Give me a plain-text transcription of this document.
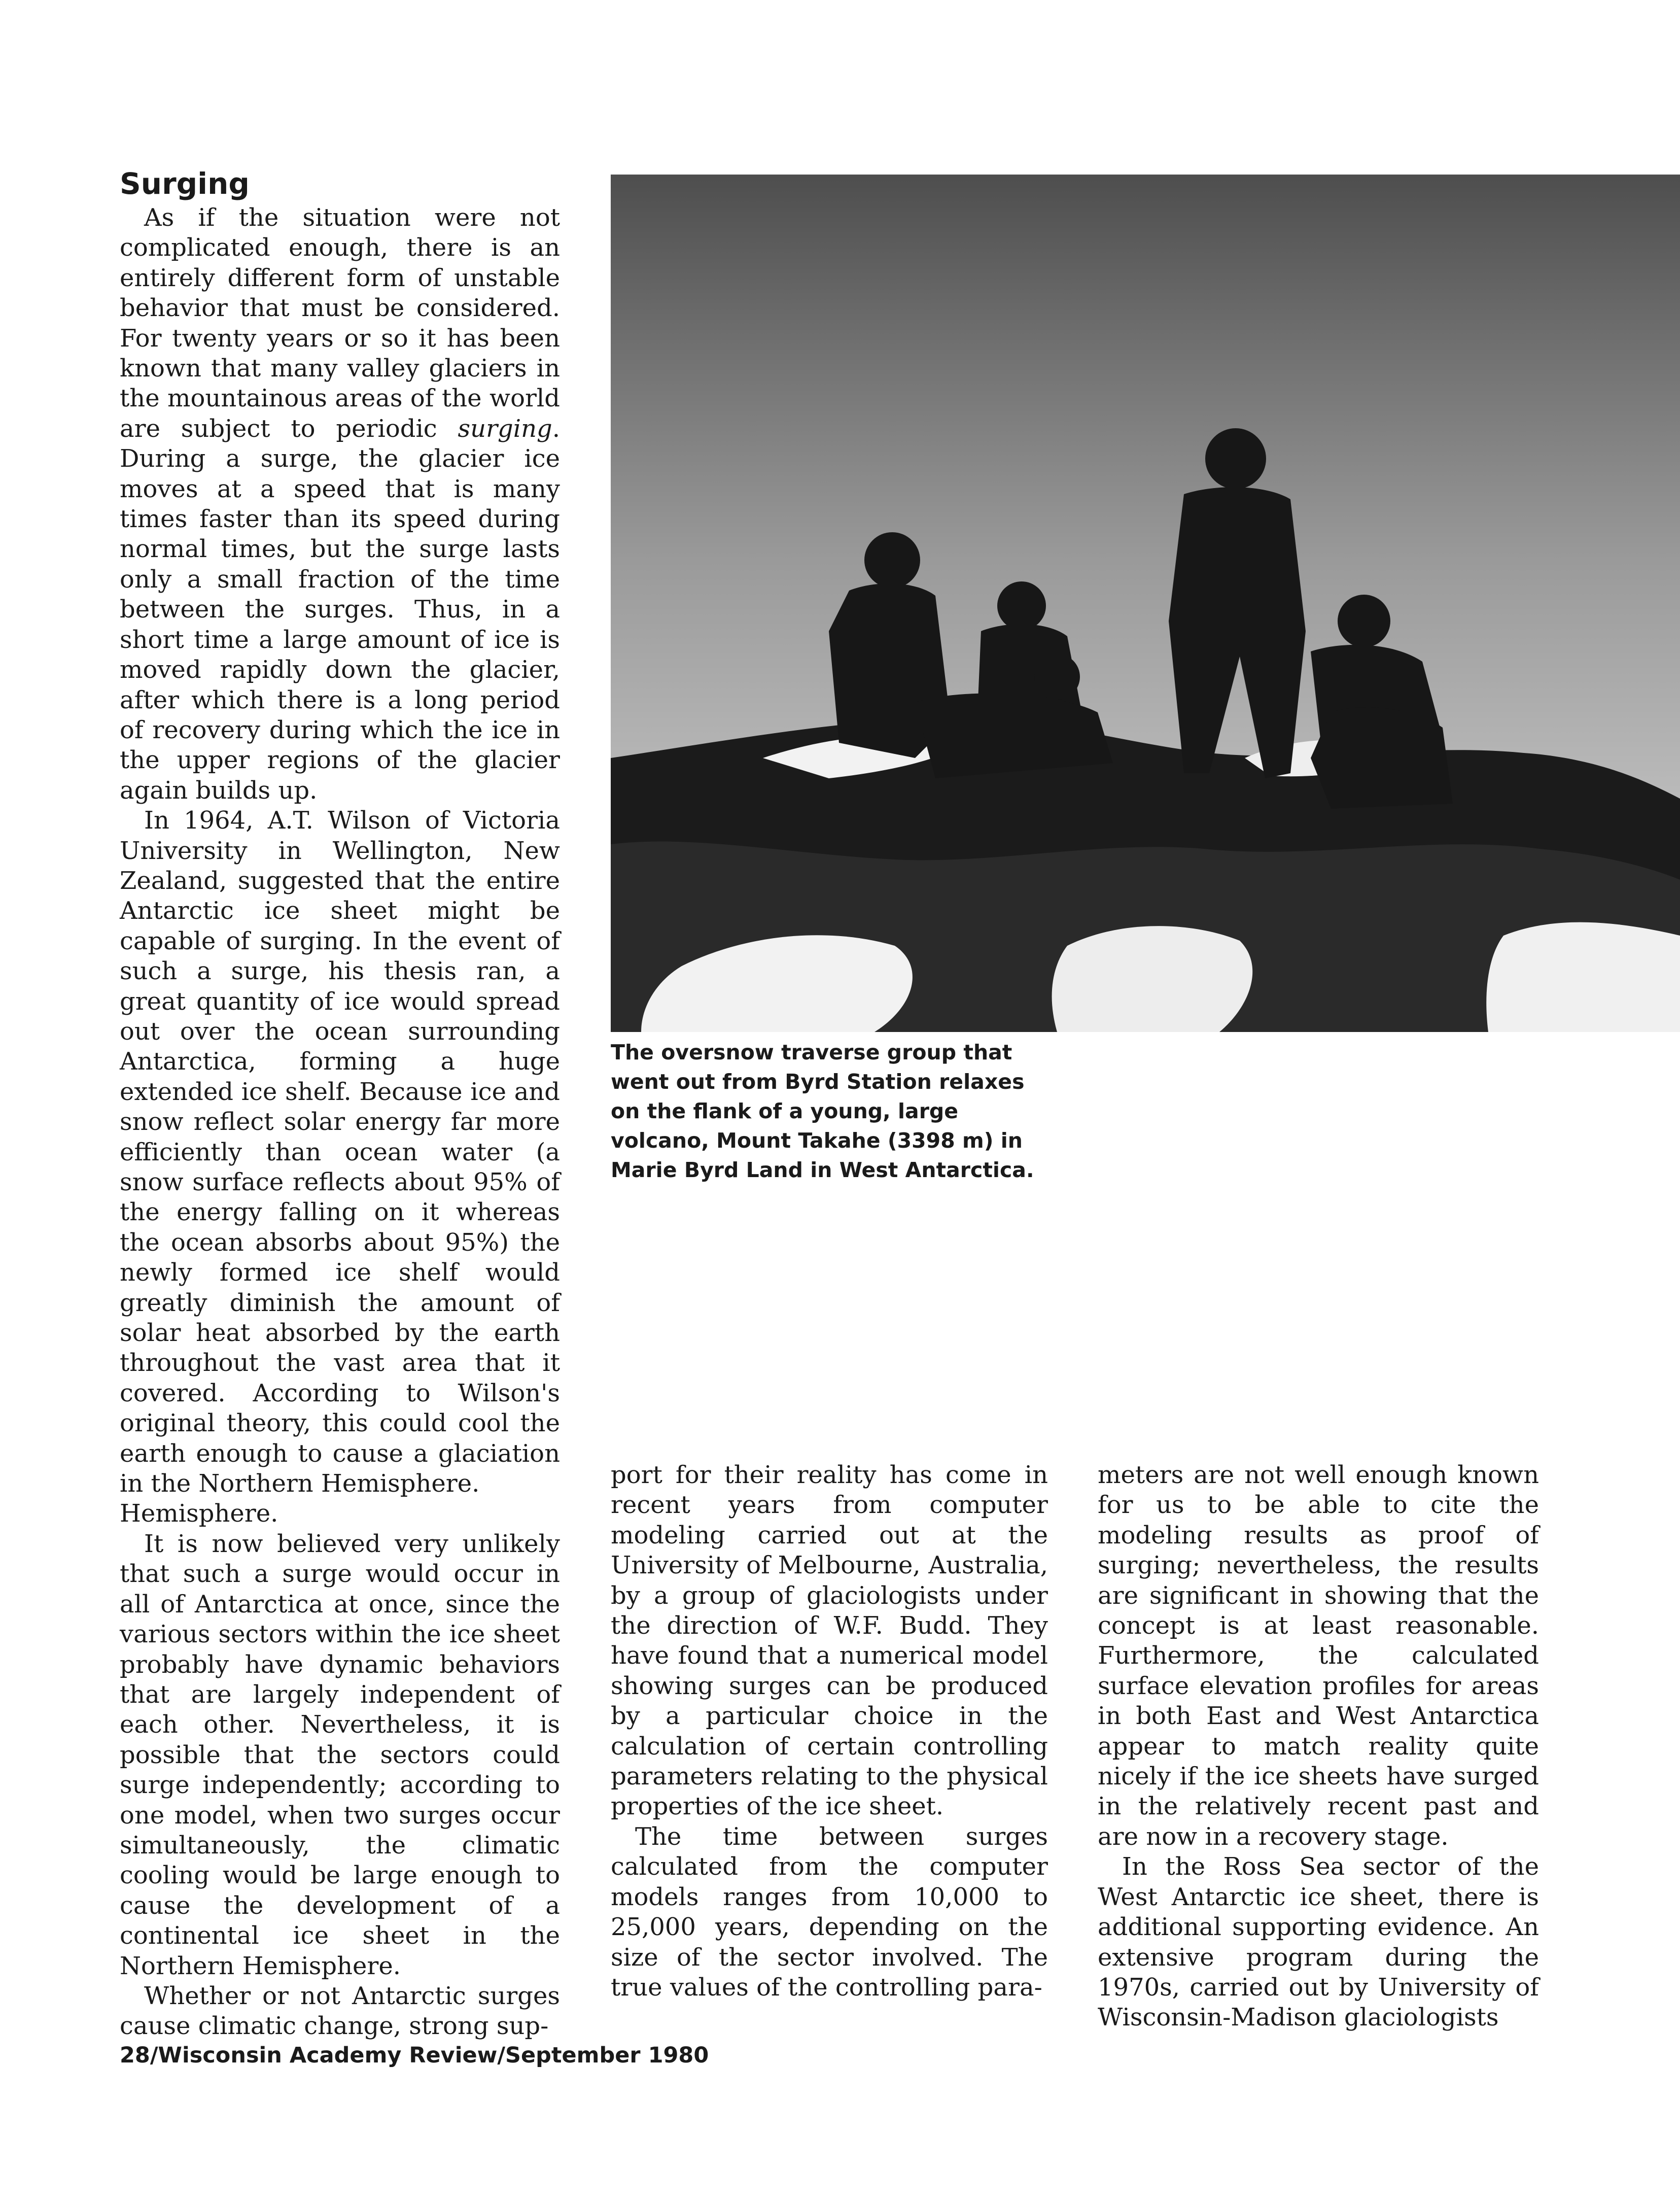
Surging

As if the situation were not complicated enough, there is an entirely different form of unstable behavior that must be considered. For twenty years or so it has been known that many valley glaciers in the mountainous areas of the world are subject to periodic surging. During a surge, the glacier ice moves at a speed that is many times faster than its speed during normal times, but the surge lasts only a small fraction of the time between the surges. Thus, in a short time a large amount of ice is moved rapidly down the glacier, after which there is a long period of recovery during which the ice in the upper regions of the glacier again builds up.

In 1964, A.T. Wilson of Victoria University in Wellington, New Zealand, suggested that the entire Antarctic ice sheet might be capable of surging. In the event of such a surge, his thesis ran, a great quantity of ice would spread out over the ocean surrounding Antarctica, forming a huge extended ice shelf. Because ice and snow reflect solar energy far more efficiently than ocean water (a snow surface reflects about 95% of the energy falling on it whereas the ocean absorbs about 95%) the newly formed ice shelf would greatly diminish the amount of solar heat absorbed by the earth throughout the vast area that it covered. According to Wilson's original theory, this could cool the earth enough to cause a glaciation in the Northern Hemisphere.

Hemisphere.

It is now believed very unlikely that such a surge would occur in all of Antarctica at once, since the various sectors within the ice sheet probably have dynamic behaviors that are largely independent of each other. Nevertheless, it is possible that the sectors could surge independently; according to one model, when two surges occur simultaneously, the climatic cooling would be large enough to cause the development of a continental ice sheet in the Northern Hemisphere.

Whether or not Antarctic surges cause climatic change, strong sup-

The oversnow traverse group that went out from Byrd Station relaxes on the flank of a young, large volcano, Mount Takahe (3398 m) in Marie Byrd Land in West Antarctica.

port for their reality has come in recent years from computer modeling carried out at the University of Melbourne, Australia, by a group of glaciologists under the direction of W.F. Budd. They have found that a numerical model showing surges can be produced by a particular choice in the calculation of certain controlling parameters relating to the physical properties of the ice sheet.

The time between surges calculated from the computer models ranges from 10,000 to 25,000 years, depending on the size of the sector involved. The true values of the controlling para-

meters are not well enough known for us to be able to cite the modeling results as proof of surging; nevertheless, the results are significant in showing that the concept is at least reasonable. Furthermore, the calculated surface elevation profiles for areas in both East and West Antarctica appear to match reality quite nicely if the ice sheets have surged in the relatively recent past and are now in a recovery stage.

In the Ross Sea sector of the West Antarctic ice sheet, there is additional supporting evidence. An extensive program during the 1970s, carried out by University of Wisconsin-Madison glaciologists

28/Wisconsin Academy Review/September 1980
